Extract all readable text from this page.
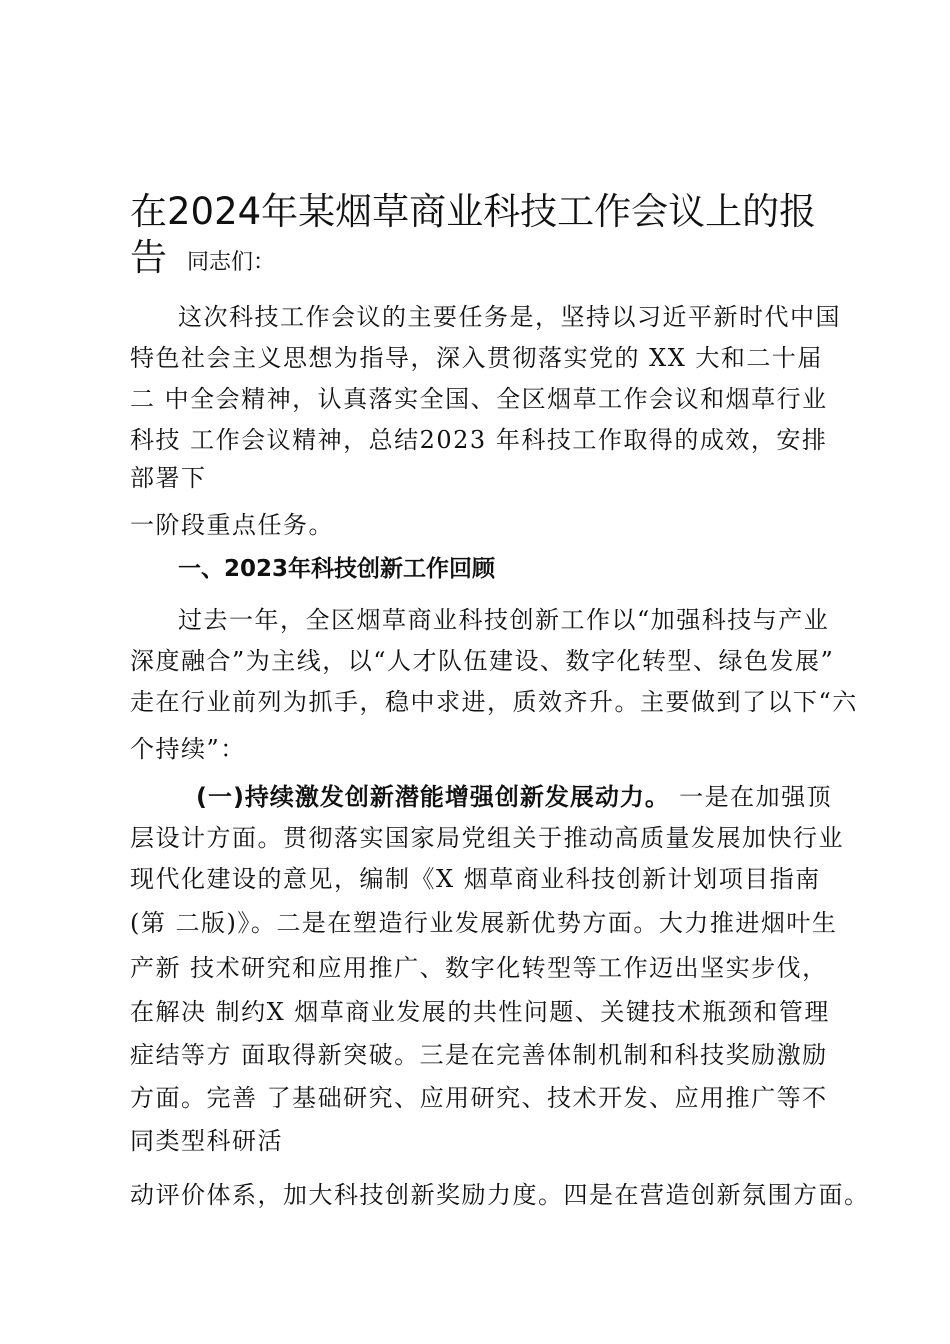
在2024年某烟草商业科技工作会议上的报
告 同志们：
这次科技工作会议的主要任务是，坚持以习近平新时代中国
特色社会主义思想为指导，深入贯彻落实党的 XX 大和二十届
二 中全会精神，认真落实全国、全区烟草工作会议和烟草行业
科技 工作会议精神，总结2023 年科技工作取得的成效，安排
部署下
一阶段重点任务。
一、2023年科技创新工作回顾
过去一年，全区烟草商业科技创新工作以“加强科技与产业
深度融合”为主线，以“人才队伍建设、数字化转型、绿色发展”
走在行业前列为抓手，稳中求进，质效齐升。主要做到了以下“六
个持续”：
(一)持续激发创新潜能增强创新发展动力。 一是在加强顶
层设计方面。贯彻落实国家局党组关于推动高质量发展加快行业
现代化建设的意见，编制《X 烟草商业科技创新计划项目指南
(第 二版)》。二是在塑造行业发展新优势方面。大力推进烟叶生
产新 技术研究和应用推广、数字化转型等工作迈出坚实步伐，
在解决 制约X 烟草商业发展的共性问题、关键技术瓶颈和管理
症结等方 面取得新突破。三是在完善体制机制和科技奖励激励
方面。完善 了基础研究、应用研究、技术开发、应用推广等不
同类型科研活
动评价体系，加大科技创新奖励力度。四是在营造创新氛围方面。
